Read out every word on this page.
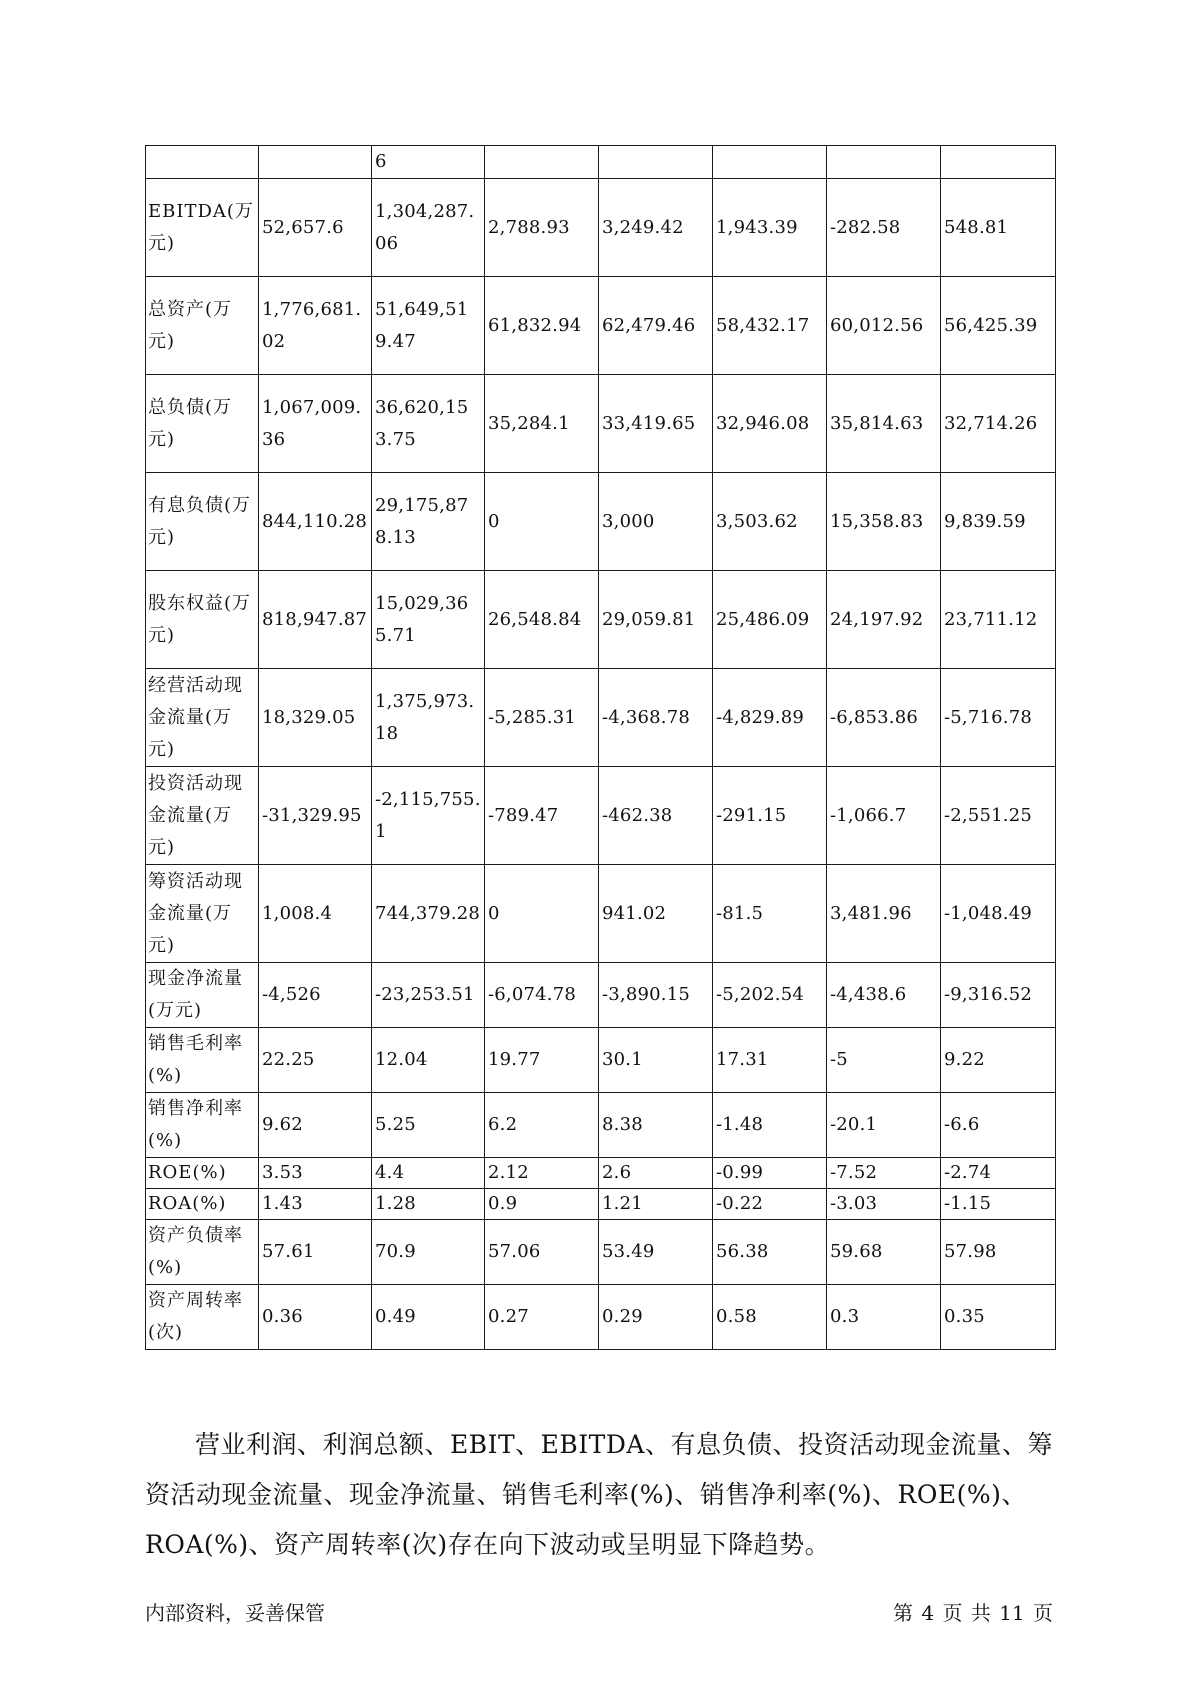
		6					
EBITDA(万元)	52,657.6	1,304,287.06	2,788.93	3,249.42	1,943.39	-282.58	548.81
总资产(万元)	1,776,681.02	51,649,519.47	61,832.94	62,479.46	58,432.17	60,012.56	56,425.39
总负债(万元)	1,067,009.36	36,620,153.75	35,284.1	33,419.65	32,946.08	35,814.63	32,714.26
有息负债(万元)	844,110.28	29,175,878.13	0	3,000	3,503.62	15,358.83	9,839.59
股东权益(万元)	818,947.87	15,029,365.71	26,548.84	29,059.81	25,486.09	24,197.92	23,711.12
经营活动现金流量(万元)	18,329.05	1,375,973.18	-5,285.31	-4,368.78	-4,829.89	-6,853.86	-5,716.78
投资活动现金流量(万元)	-31,329.95	-2,115,755.1	-789.47	-462.38	-291.15	-1,066.7	-2,551.25
筹资活动现金流量(万元)	1,008.4	744,379.28	0	941.02	-81.5	3,481.96	-1,048.49
现金净流量(万元)	-4,526	-23,253.51	-6,074.78	-3,890.15	-5,202.54	-4,438.6	-9,316.52
销售毛利率(%)	22.25	12.04	19.77	30.1	17.31	-5	9.22
销售净利率(%)	9.62	5.25	6.2	8.38	-1.48	-20.1	-6.6
ROE(%)	3.53	4.4	2.12	2.6	-0.99	-7.52	-2.74
ROA(%)	1.43	1.28	0.9	1.21	-0.22	-3.03	-1.15
资产负债率(%)	57.61	70.9	57.06	53.49	56.38	59.68	57.98
资产周转率(次)	0.36	0.49	0.27	0.29	0.58	0.3	0.35

营业利润、利润总额、EBIT、EBITDA、有息负债、投资活动现金流量、筹资活动现金流量、现金净流量、销售毛利率(%)、销售净利率(%)、ROE(%)、ROA(%)、资产周转率(次)存在向下波动或呈明显下降趋势。

内部资料，妥善保管	第 4 页 共 11 页
